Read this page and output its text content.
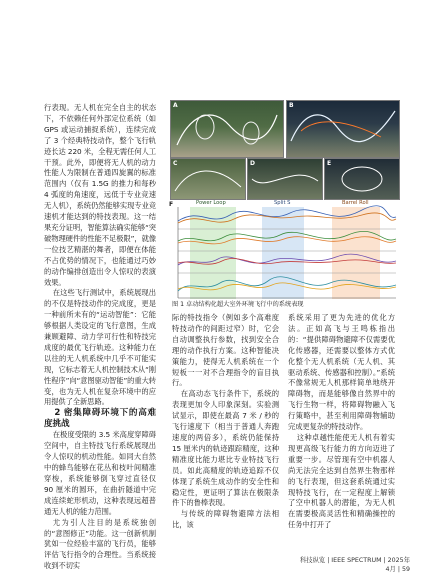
行表现。无人机在完全自主的状态下，不依赖任何外部定位系统（如 GPS 或运动捕捉系统），连续完成了 3 个经典特技动作，整个飞行轨迹长达 220 米，全程无需任何人工干预。此外，即便将无人机的动力性能人为限制在普通四旋翼的标准范围内（仅有 1.5G 的推力和每秒 4 弧度的角速度，远低于专业竞速无人机），系统仍然能够实现专业竞速机才能达到的特技表现。这一结果充分证明，智能算法确实能够“突破物理硬件的性能不足极限”，就像一位技艺精湛的舞者，即便在体能不占优势的情况下，也能通过巧妙的动作编排创造出令人惊叹的表演效果。

在这些飞行测试中，系统展现出的不仅是特技动作的完成度，更是一种前所未有的“运动智能”：它能够根据人类设定的飞行意图，生成兼顾避障、动力学可行性和特技完成度的最优飞行轨迹。这种能力在以往的无人机系统中几乎不可能实现，它标志着无人机控制技术从“刚性程序”向“意图驱动智能”的重大转变，也为无人机在复杂环境中的应用提供了全新思路。

2 密集障碍环境下的高难度挑战

在极度受限的 3.5 米高度穿障碍空间中，自主特技飞行系统展现出令人惊叹的机动性能。如同大自然中的蜂鸟能够在花丛和枝叶间精准穿梭，系统能够倒飞穿过直径仅 90 厘米的圆环，在曲折隧道中完成连续蛇形机动，这种表现远超普通无人机的能力范围。

尤为引人注目的是系统独创的“意图修正”功能。这一创新机制犹如一位经验丰富的飞行员，能够评估飞行指令的合理性。当系统接收到不切实

A	B
C	D	E
F	Power Loop	Split S	Barrel Roll
图 1 卓动结构化超大室外环境飞行中的系统表现

际的特技指令（例如多个高难度特技动作的间距过窄）时，它会自动调整执行参数，找到安全合理的动作执行方案。这种智能决策能力，使得无人机系统在一个短板一一对不合理指令的盲目执行。

在高动态飞行条件下，系统的表现更加令人印象深刻。实验测试显示，即使在最高 7 米 / 秒的飞行速度下（相当于普通人奔跑速度的两倍多），系统仍能保持 15 厘米内的轨迹跟踪精度，这种精准度比能力堪比专业特技飞行员。如此高精度的轨迹追踪不仅体现了系统生成动作的安全性和稳定性，更证明了算法在极限条件下的鲁棒表现。

与传统的障碍物避障方法相比，该

系统采用了更为先进的优化方法。正如高飞与王鸣栋指出的：“提供障碍物避障不仅需要优化传感器，还需要以整体方式优化整个无人机系统（无人机、其驱动系统、传感器和控制）。”系统不像常规无人机那样简单地绕开障碍物，而是能够像自然界中的飞行生物一样，将障碍物融入飞行策略中，甚至利用障碍物辅助完成更复杂的特技动作。

这种卓越性能使无人机有着实现更高级飞行能力的方向迈进了重要一步。尽管现有空中机器人尚无法完全达到自然界生物那样的飞行表现，但这套系统通过实现特技飞行，在一定程度上解锁了空中机器人的潜能，为无人机在需要极高灵活性和精确操控的任务中打开了

科技纵览 | IEEE SPECTRUM | 2025年4月 | 59
